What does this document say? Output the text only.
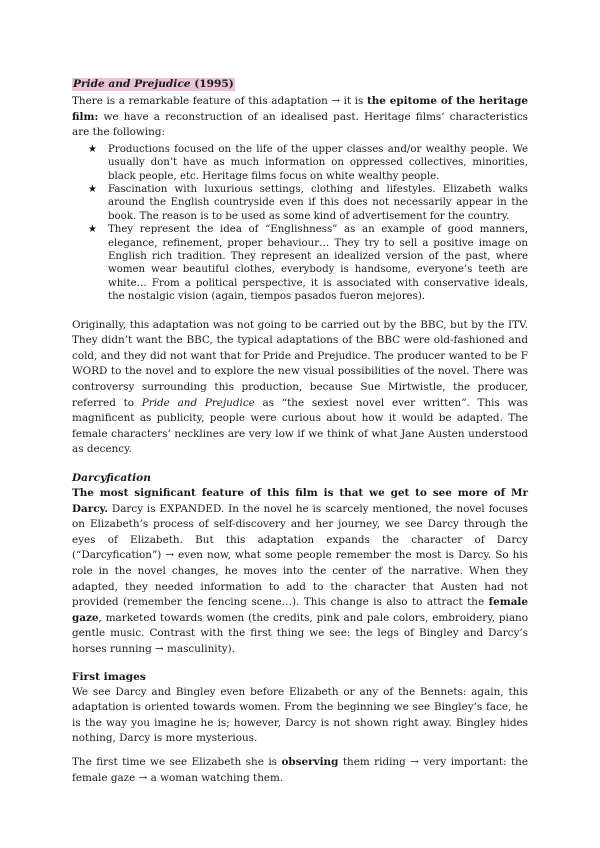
Pride and Prejudice (1995)

There is a remarkable feature of this adaptation → it is the epitome of the heritage film: we have a reconstruction of an idealised past. Heritage films’ characteristics are the following:

★ Productions focused on the life of the upper classes and/or wealthy people. We usually don’t have as much information on oppressed collectives, minorities, black people, etc. Heritage films focus on white wealthy people.
★ Fascination with luxurious settings, clothing and lifestyles. Elizabeth walks around the English countryside even if this does not necessarily appear in the book. The reason is to be used as some kind of advertisement for the country.
★ They represent the idea of “Englishness” as an example of good manners, elegance, refinement, proper behaviour… They try to sell a positive image on English rich tradition. They represent an idealized version of the past, where women wear beautiful clothes, everybody is handsome, everyone’s teeth are white… From a political perspective, it is associated with conservative ideals, the nostalgic vision (again, tiempos pasados fueron mejores).

Originally, this adaptation was not going to be carried out by the BBC, but by the ITV. They didn’t want the BBC, the typical adaptations of the BBC were old-fashioned and cold, and they did not want that for Pride and Prejudice. The producer wanted to be F WORD to the novel and to explore the new visual possibilities of the novel. There was controversy surrounding this production, because Sue Mirtwistle, the producer, referred to Pride and Prejudice as “the sexiest novel ever written”. This was magnificent as publicity, people were curious about how it would be adapted. The female characters’ necklines are very low if we think of what Jane Austen understood as decency.

Darcyfication

The most significant feature of this film is that we get to see more of Mr Darcy. Darcy is EXPANDED. In the novel he is scarcely mentioned, the novel focuses on Elizabeth’s process of self-discovery and her journey, we see Darcy through the eyes of Elizabeth. But this adaptation expands the character of Darcy (“Darcyfication”) → even now, what some people remember the most is Darcy. So his role in the novel changes, he moves into the center of the narrative. When they adapted, they needed information to add to the character that Austen had not provided (remember the fencing scene…). This change is also to attract the female gaze, marketed towards women (the credits, pink and pale colors, embroidery, piano gentle music. Contrast with the first thing we see: the legs of Bingley and Darcy’s horses running → masculinity).

First images

We see Darcy and Bingley even before Elizabeth or any of the Bennets: again, this adaptation is oriented towards women. From the beginning we see Bingley’s face, he is the way you imagine he is; however, Darcy is not shown right away. Bingley hides nothing, Darcy is more mysterious.

The first time we see Elizabeth she is observing them riding → very important: the female gaze → a woman watching them.
